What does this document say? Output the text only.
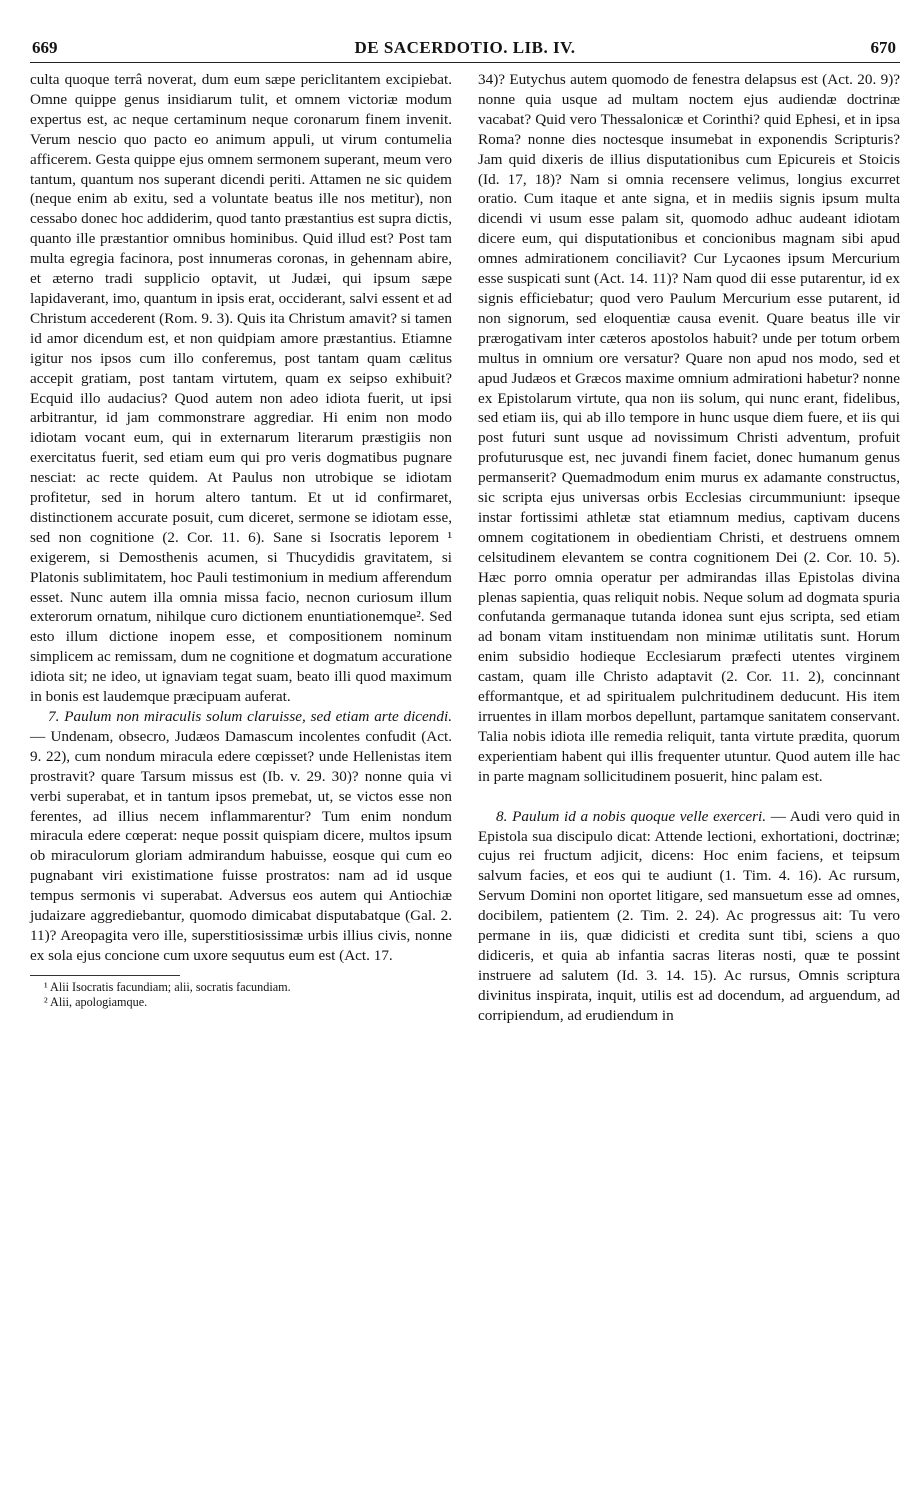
669	DE SACERDOTIO. LIB. IV.	670

culta quoque terrâ noverat, dum eum sæpe periclitantem excipiebat. Omne quippe genus insidiarum tulit, et omnem victoriæ modum expertus est, ac neque certaminum neque coronarum finem invenit. Verum nescio quo pacto eo animum appuli, ut virum contumelia afficerem. Gesta quippe ejus omnem sermonem superant, meum vero tantum, quantum nos superant dicendi periti. Attamen ne sic quidem (neque enim ab exitu, sed a voluntate beatus ille nos metitur), non cessabo donec hoc addiderim, quod tanto præstantius est supra dictis, quanto ille præstantior omnibus hominibus. Quid illud est? Post tam multa egregia facinora, post innumeras coronas, in gehennam abire, et æterno tradi supplicio optavit, ut Judæi, qui ipsum sæpe lapidaverant, imo, quantum in ipsis erat, occiderant, salvi essent et ad Christum accederent (Rom. 9. 3). Quis ita Christum amavit? si tamen id amor dicendum est, et non quidpiam amore præstantius. Etiamne igitur nos ipsos cum illo conferemus, post tantam quam cælitus accepit gratiam, post tantam virtutem, quam ex seipso exhibuit? Ecquid illo audacius? Quod autem non adeo idiota fuerit, ut ipsi arbitrantur, id jam commonstrare aggrediar. Hi enim non modo idiotam vocant eum, qui in externarum literarum præstigiis non exercitatus fuerit, sed etiam eum qui pro veris dogmatibus pugnare nesciat: ac recte quidem. At Paulus non utrobique se idiotam profitetur, sed in horum altero tantum. Et ut id confirmaret, distinctionem accurate posuit, cum diceret, sermone se idiotam esse, sed non cognitione (2. Cor. 11. 6). Sane si Isocratis leporem ¹ exigerem, si Demosthenis acumen, si Thucydidis gravitatem, si Platonis sublimitatem, hoc Pauli testimonium in medium afferendum esset. Nunc autem illa omnia missa facio, necnon curiosum illum exterorum ornatum, nihilque curo dictionem enuntiationemque². Sed esto illum dictione inopem esse, et compositionem nominum simplicem ac remissam, dum ne cognitione et dogmatum accuratione idiota sit; ne ideo, ut ignaviam tegat suam, beato illi quod maximum in bonis est laudemque præcipuam auferat.

7. Paulum non miraculis solum claruisse, sed etiam arte dicendi. — Undenam, obsecro, Judæos Damascum incolentes confudit (Act. 9. 22), cum nondum miracula edere cœpisset? unde Hellenistas item prostravit? quare Tarsum missus est (Ib. v. 29. 30)? nonne quia vi verbi superabat, et in tantum ipsos premebat, ut, se victos esse non ferentes, ad illius necem inflammarentur? Tum enim nondum miracula edere cœperat: neque possit quispiam dicere, multos ipsum ob miraculorum gloriam admirandum habuisse, eosque qui cum eo pugnabant viri existimatione fuisse prostratos: nam ad id usque tempus sermonis vi superabat. Adversus eos autem qui Antiochiæ judaizare aggrediebantur, quomodo dimicabat disputabatque (Gal. 2. 11)? Areopagita vero ille, superstitiosissimæ urbis illius civis, nonne ex sola ejus concione cum uxore sequutus eum est (Act. 17.

¹ Alii Isocratis facundiam; alii, socratis facundiam.

² Alii, apologiamque.

34)? Eutychus autem quomodo de fenestra delapsus est (Act. 20. 9)? nonne quia usque ad multam noctem ejus audiendæ doctrinæ vacabat? Quid vero Thessalonicæ et Corinthi? quid Ephesi, et in ipsa Roma? nonne dies noctesque insumebat in exponendis Scripturis? Jam quid dixeris de illius disputationibus cum Epicureis et Stoicis (Id. 17, 18)? Nam si omnia recensere velimus, longius excurret oratio. Cum itaque et ante signa, et in mediis signis ipsum multa dicendi vi usum esse palam sit, quomodo adhuc audeant idiotam dicere eum, qui disputationibus et concionibus magnam sibi apud omnes admirationem conciliavit? Cur Lycaones ipsum Mercurium esse suspicati sunt (Act. 14. 11)? Nam quod dii esse putarentur, id ex signis efficiebatur; quod vero Paulum Mercurium esse putarent, id non signorum, sed eloquentiæ causa evenit. Quare beatus ille vir prærogativam inter cæteros apostolos habuit? unde per totum orbem multus in omnium ore versatur? Quare non apud nos modo, sed et apud Judæos et Græcos maxime omnium admirationi habetur? nonne ex Epistolarum virtute, qua non iis solum, qui nunc erant, fidelibus, sed etiam iis, qui ab illo tempore in hunc usque diem fuere, et iis qui post futuri sunt usque ad novissimum Christi adventum, profuit profuturusque est, nec juvandi finem faciet, donec humanum genus permanserit? Quemadmodum enim murus ex adamante constructus, sic scripta ejus universas orbis Ecclesias circummuniunt: ipseque instar fortissimi athletæ stat etiamnum medius, captivam ducens omnem cogitationem in obedientiam Christi, et destruens omnem celsitudinem elevantem se contra cognitionem Dei (2. Cor. 10. 5). Hæc porro omnia operatur per admirandas illas Epistolas divina plenas sapientia, quas reliquit nobis. Neque solum ad dogmata spuria confutanda germanaque tutanda idonea sunt ejus scripta, sed etiam ad bonam vitam instituendam non minimæ utilitatis sunt. Horum enim subsidio hodieque Ecclesiarum præfecti utentes virginem castam, quam ille Christo adaptavit (2. Cor. 11. 2), concinnant efformantque, et ad spiritualem pulchritudinem deducunt. His item irruentes in illam morbos depellunt, partamque sanitatem conservant. Talia nobis idiota ille remedia reliquit, tanta virtute prædita, quorum experientiam habent qui illis frequenter utuntur. Quod autem ille hac in parte magnam sollicitudinem posuerit, hinc palam est.

8. Paulum id a nobis quoque velle exerceri. — Audi vero quid in Epistola sua discipulo dicat: Attende lectioni, exhortationi, doctrinæ; cujus rei fructum adjicit, dicens: Hoc enim faciens, et teipsum salvum facies, et eos qui te audiunt (1. Tim. 4. 16). Ac rursum, Servum Domini non oportet litigare, sed mansuetum esse ad omnes, docibilem, patientem (2. Tim. 2. 24). Ac progressus ait: Tu vero permane in iis, quæ didicisti et credita sunt tibi, sciens a quo didiceris, et quia ab infantia sacras literas nosti, quæ te possint instruere ad salutem (Id. 3. 14. 15). Ac rursus, Omnis scriptura divinitus inspirata, inquit, utilis est ad docendum, ad arguendum, ad corripiendum, ad erudiendum in
